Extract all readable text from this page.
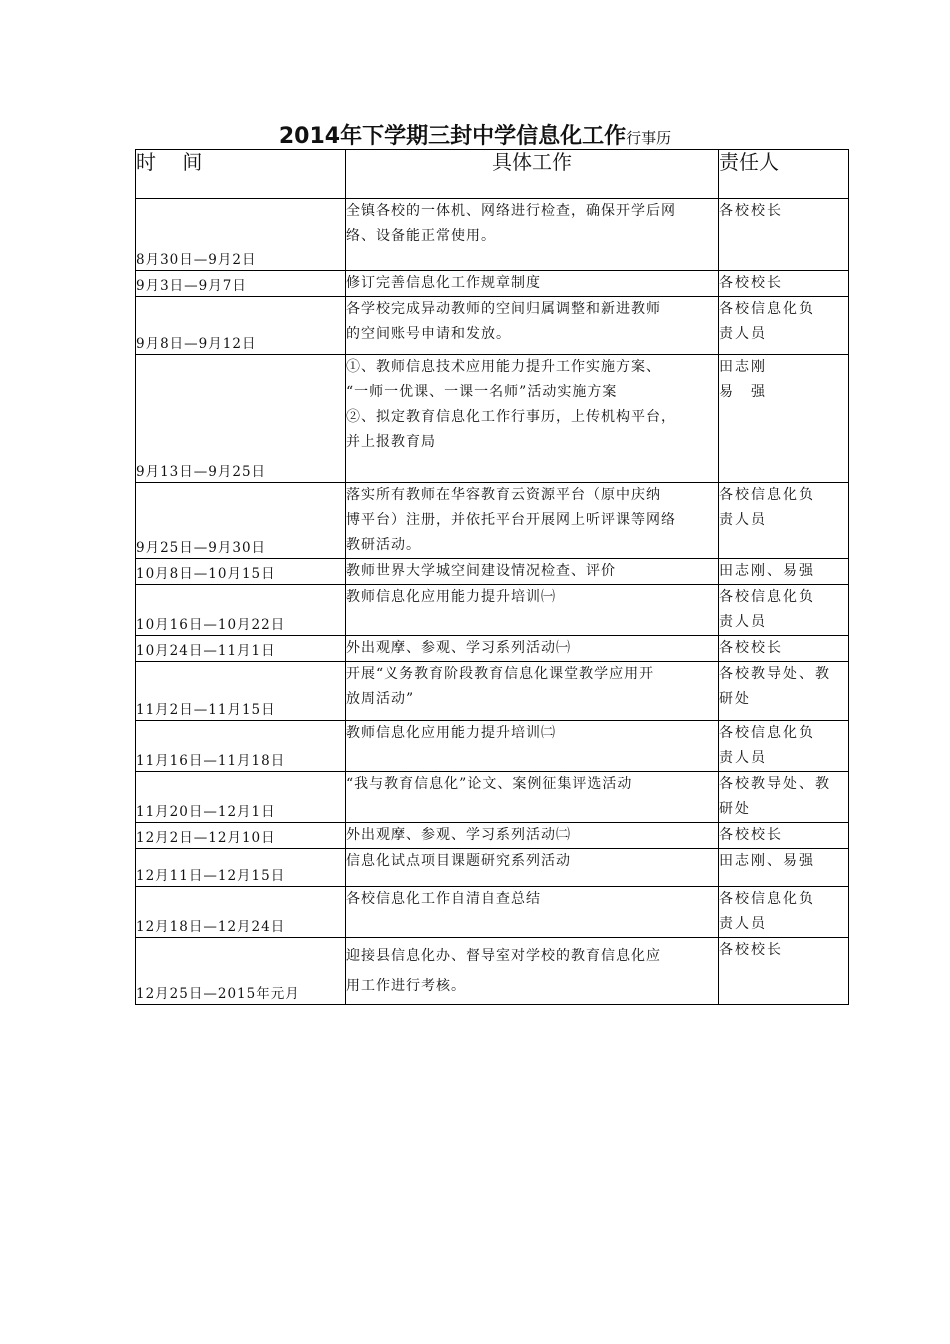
2014年下学期三封中学信息化工作行事历
时 间	具体工作	责任人
8月30日—9月2日	全镇各校的一体机、网络进行检查，确保开学后网
络、设备能正常使用。	各校校长

9月3日—9月7日	修订完善信息化工作规章制度	各校校长

9月8日—9月12日	各学校完成异动教师的空间归属调整和新进教师
的空间账号申请和发放。	各校信息化负
责人员

9月13日—9月25日	①、教师信息技术应用能力提升工作实施方案、
“一师一优课、一课一名师”活动实施方案
②、拟定教育信息化工作行事历，上传机构平台，
并上报教育局	田志刚
易　强

9月25日—9月30日	落实所有教师在华容教育云资源平台（原中庆纳
博平台）注册，并依托平台开展网上听评课等网络
教研活动。	各校信息化负
责人员

10月8日—10月15日	教师世界大学城空间建设情况检查、评价	田志刚、易强

10月16日—10月22日	教师信息化应用能力提升培训㈠	各校信息化负
责人员

10月24日—11月1日	外出观摩、参观、学习系列活动㈠	各校校长

11月2日—11月15日	开展“义务教育阶段教育信息化课堂教学应用开
放周活动”	各校教导处、教
研处

11月16日—11月18日	教师信息化应用能力提升培训㈡	各校信息化负
责人员

11月20日—12月1日	“我与教育信息化”论文、案例征集评选活动	各校教导处、教
研处

12月2日—12月10日	外出观摩、参观、学习系列活动㈡	各校校长

12月11日—12月15日	信息化试点项目课题研究系列活动	田志刚、易强

12月18日—12月24日	各校信息化工作自清自查总结	各校信息化负
责人员

12月25日—2015年元月	迎接县信息化办、督导室对学校的教育信息化应
用工作进行考核。	各校校长
